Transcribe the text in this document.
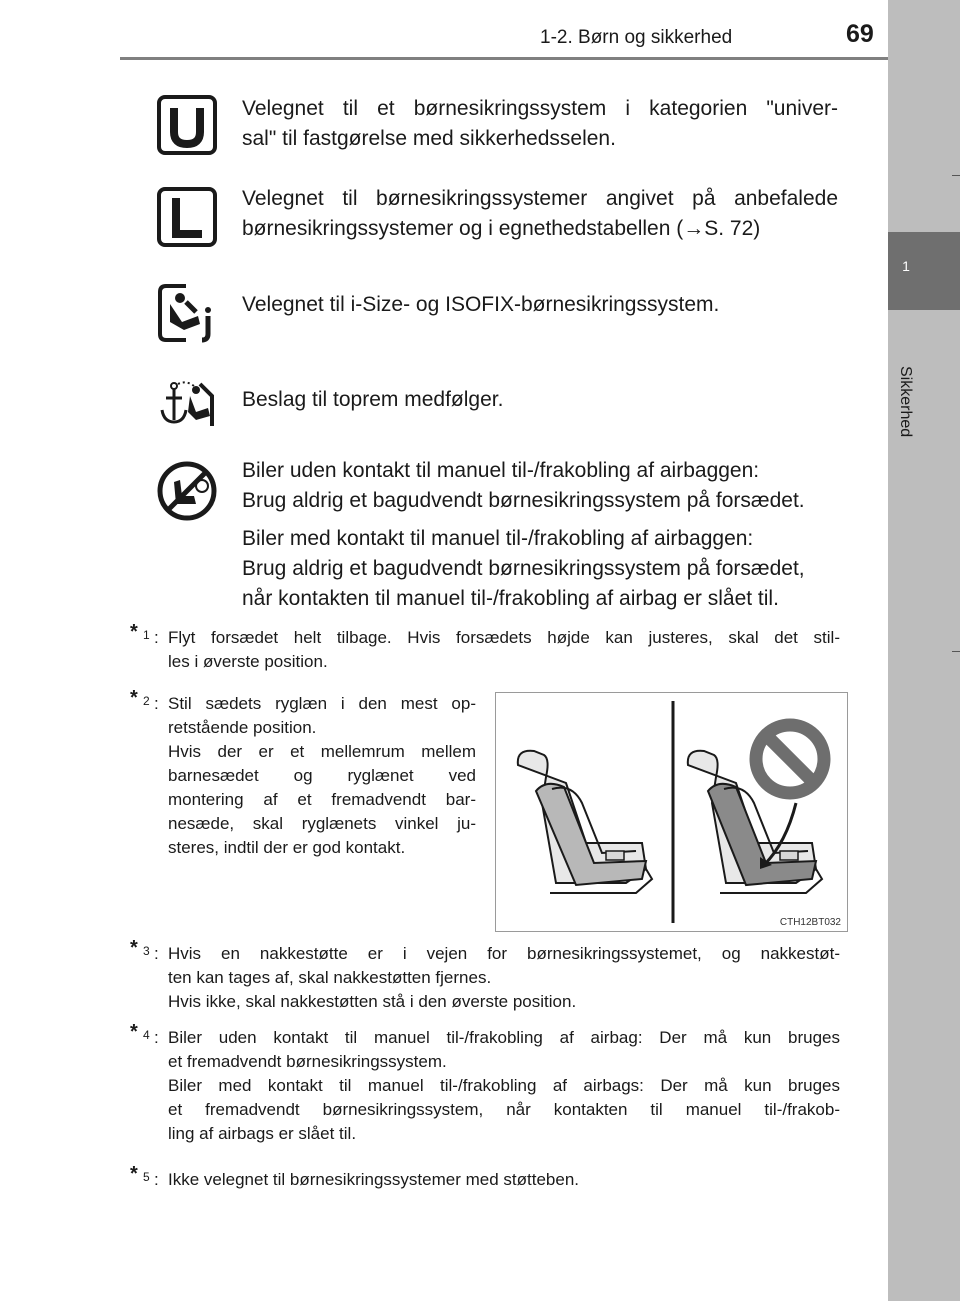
1-2. Børn og sikkerhed	69
1
Sikkerhed
Velegnet til et børnesikringssystem i kategorien "univer-
sal" til fastgørelse med sikkerhedsselen.
Velegnet til børnesikringssystemer angivet på anbefalede
børnesikringssystemer og i egnethedstabellen (→S. 72)
Velegnet til i-Size- og ISOFIX-børnesikringssystem.
Beslag til toprem medfølger.
Biler uden kontakt til manuel til-/frakobling af airbaggen:
Brug aldrig et bagudvendt børnesikringssystem på forsædet.
Biler med kontakt til manuel til-/frakobling af airbaggen:
Brug aldrig et bagudvendt børnesikringssystem på forsædet,
når kontakten til manuel til-/frakobling af airbag er slået til.
* 1 : Flyt forsædet helt tilbage. Hvis forsædets højde kan justeres, skal det stil-

les i øverste position.

* 2 : Stil sædets ryglæn i den mest op-

retstående position.

Hvis der er et mellemrum mellem

barnesædet og ryglænet ved

montering af et fremadvendt bar-

nesæde, skal ryglænets vinkel ju-

steres, indtil der er god kontakt.

CTH12BT032
* 3 : Hvis en nakkestøtte er i vejen for børnesikringssystemet, og nakkestøt-

ten kan tages af, skal nakkestøtten fjernes.

Hvis ikke, skal nakkestøtten stå i den øverste position.

* 4 : Biler uden kontakt til manuel til-/frakobling af airbag: Der må kun bruges

et fremadvendt børnesikringssystem.

Biler med kontakt til manuel til-/frakobling af airbags: Der må kun bruges

et fremadvendt børnesikringssystem, når kontakten til manuel til-/frakob-

ling af airbags er slået til.

* 5 : Ikke velegnet til børnesikringssystemer med støtteben.
